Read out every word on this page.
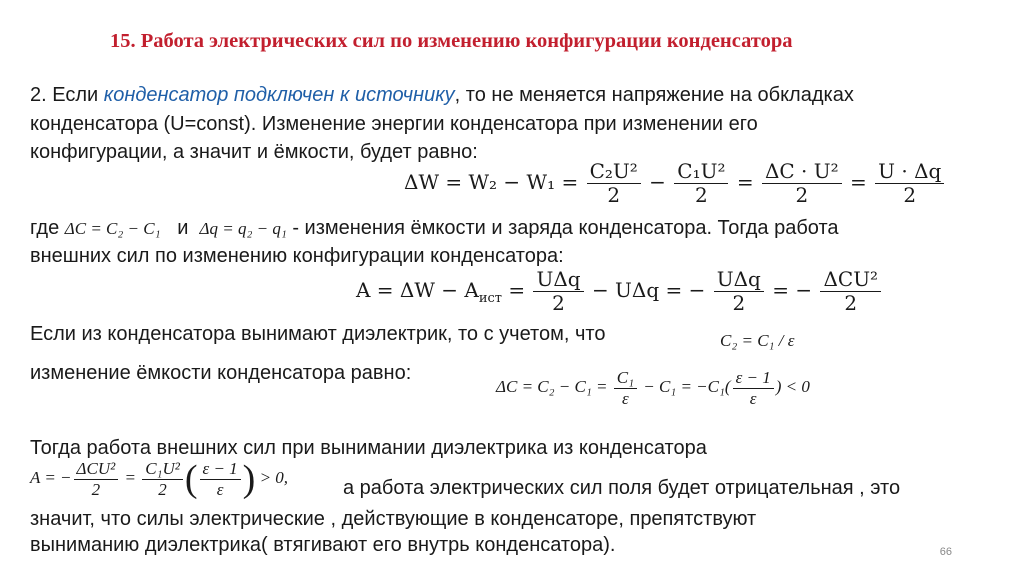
15. Работа электрических сил по изменению конфигурации конденсатора
2. Если конденсатор подключен к источнику, то не меняется напряжение на обкладках
конденсатора (U=const). Изменение энергии конденсатора при изменении его
конфигурации, а значит и ёмкости, будет равно:
$\Delta W = W_2 - W_1 = \frac{\text{C₂U²}}{2} - \frac{\text{C₁U²}}{2} = \frac{\text{ΔC · U²}}{2} = \frac{U \cdot \Delta q}{2}$
где ΔC = C₂ − C₁ и Δq = q₂ − q₁ - изменения ёмкости и заряда конденсатора. Тогда работа
внешних сил по изменению конфигурации конденсатора:
$A = \Delta W - A_{ист} = \frac{\text{UΔq}}{2} - U\Delta q$ = − $\frac{\text{UΔq}}{2}$ = − $\frac{\text{ΔCU²}}{2}$
Если из конденсатора вынимают диэлектрик, то с учетом, что	C₂ = C₁ / ε
изменение ёмкости конденсатора равно:
$\Delta C = C_2 - C_1 = \frac{\text{C₁}}{\varepsilon} - C_1 = -C_1( \frac{\varepsilon - 1}{\varepsilon}$ ) < 0
Тогда работа внешних сил при вынимании диэлектрика из конденсатора
A = − $\frac{\text{ΔCU²}}{2} = \frac{\text{C₁U²}}{2}$ ( $\frac{\varepsilon - 1}{\varepsilon}$ ) > 0,	а работа электрических сил поля будет отрицательная , это
значит, что силы электрические , действующие в конденсаторе, препятствуют
выниманию диэлектрика( втягивают его внутрь конденсатора).	66
